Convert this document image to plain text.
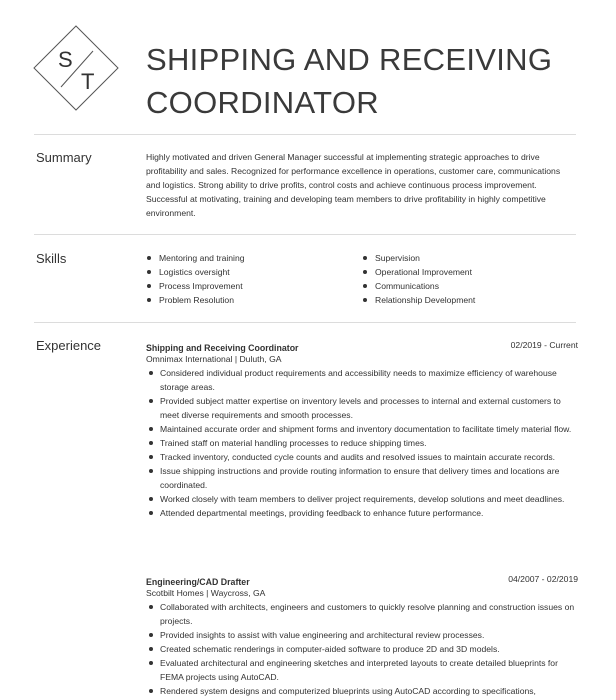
S
T
SHIPPING AND RECEIVING COORDINATOR
Summary	Highly motivated and driven General Manager successful at implementing strategic approaches to drive profitability and sales. Recognized for performance excellence in operations, customer care, communications and logistics. Strong ability to drive profits, control costs and achieve continuous process improvement. Successful at motivating, training and developing team members to drive profitability in highly competitive environment.

Skills	Mentoring and training
Logistics oversight
Process Improvement
Problem Resolution
Supervision
Operational Improvement
Communications
Relationship Development
Experience	Shipping and Receiving Coordinator	02/2019 - Current
Omnimax International | Duluth, GA
Considered individual product requirements and accessibility needs to maximize efficiency of warehouse storage areas.
Provided subject matter expertise on inventory levels and processes to internal and external customers to meet diverse requirements and smooth processes.
Maintained accurate order and shipment forms and inventory documentation to facilitate timely material flow.
Trained staff on material handling processes to reduce shipping times.
Tracked inventory, conducted cycle counts and audits and resolved issues to maintain accurate records.
Issue shipping instructions and provide routing information to ensure that delivery times and locations are coordinated.
Worked closely with team members to deliver project requirements, develop solutions and meet deadlines.
Attended departmental meetings, providing feedback to enhance future performance.
Engineering/CAD Drafter	04/2007 - 02/2019
Scotbilt Homes | Waycross, GA
Collaborated with architects, engineers and customers to quickly resolve planning and construction issues on projects.
Provided insights to assist with value engineering and architectural review processes.
Created schematic renderings in computer-aided software to produce 2D and 3D models.
Evaluated architectural and engineering sketches and interpreted layouts to create detailed blueprints for FEMA projects using AutoCAD.
Rendered system designs and computerized blueprints using AutoCAD according to specifications,
